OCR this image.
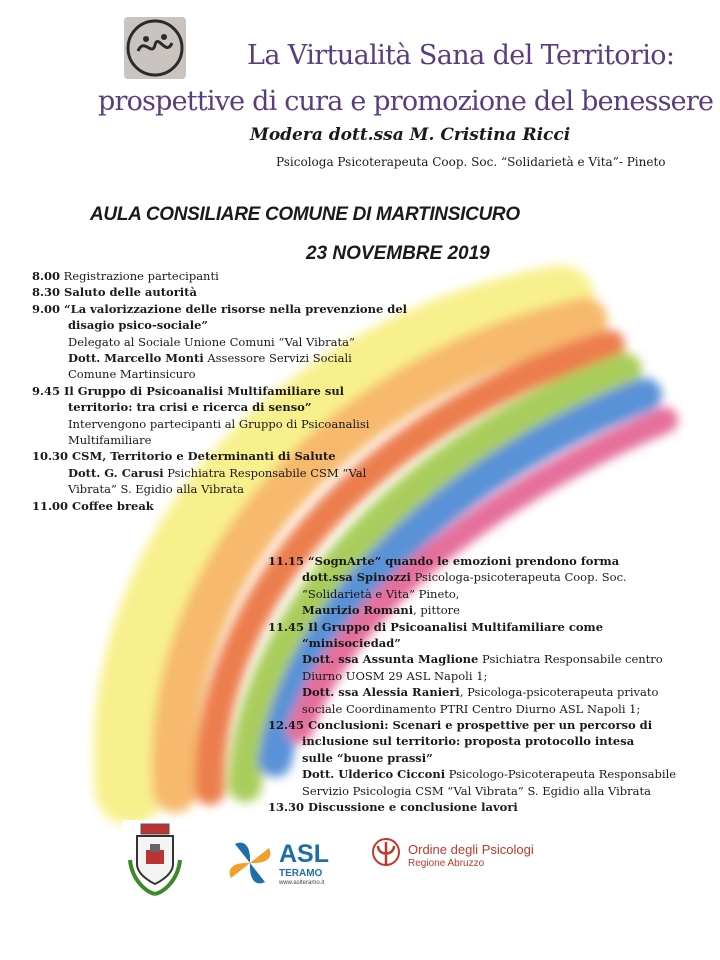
La Virtualità Sana del Territorio:
prospettive di cura e promozione del benessere
Modera dott.ssa M. Cristina Ricci
Psicologa Psicoterapeuta Coop. Soc. “Solidarietà e Vita”- Pineto
AULA CONSILIARE COMUNE DI MARTINSICURO
23 NOVEMBRE 2019
8.00 Registrazione partecipanti
8.30 Saluto delle autorità
9.00 “La valorizzazione delle risorse nella prevenzione del
disagio psico-sociale”
Delegato al Sociale Unione Comuni “Val Vibrata”
Dott. Marcello Monti Assessore Servizi Sociali
Comune Martinsicuro
9.45 Il Gruppo di Psicoanalisi Multifamiliare sul
territorio: tra crisi e ricerca di senso”
Intervengono partecipanti al Gruppo di Psicoanalisi
Multifamiliare
10.30 CSM, Territorio e Determinanti di Salute
Dott. G. Carusi Psichiatra Responsabile CSM “Val
Vibrata” S. Egidio alla Vibrata
11.00 Coffee break
11.15 “SognArte” quando le emozioni prendono forma
dott.ssa Spinozzi Psicologa-psicoterapeuta Coop. Soc.
“Solidarietà e Vita” Pineto,
Maurizio Romani, pittore
11.45 Il Gruppo di Psicoanalisi Multifamiliare come
“minisociedad”
Dott. ssa Assunta Maglione Psichiatra Responsabile centro
Diurno UOSM 29 ASL Napoli 1;
Dott. ssa Alessia Ranieri, Psicologa-psicoterapeuta privato
sociale Coordinamento PTRI Centro Diurno ASL Napoli 1;
12.45 Conclusioni: Scenari e prospettive per un percorso di
inclusione sul territorio: proposta protocollo intesa
sulle “buone prassi”
Dott. Ulderico Cicconi Psicologo-Psicoterapeuta Responsabile
Servizio Psicologia CSM “Val Vibrata” S. Egidio alla Vibrata
13.30 Discussione e conclusione lavori
ASL
TERAMO
www.aslteramo.it
Ordine degli Psicologi
Regione Abruzzo
